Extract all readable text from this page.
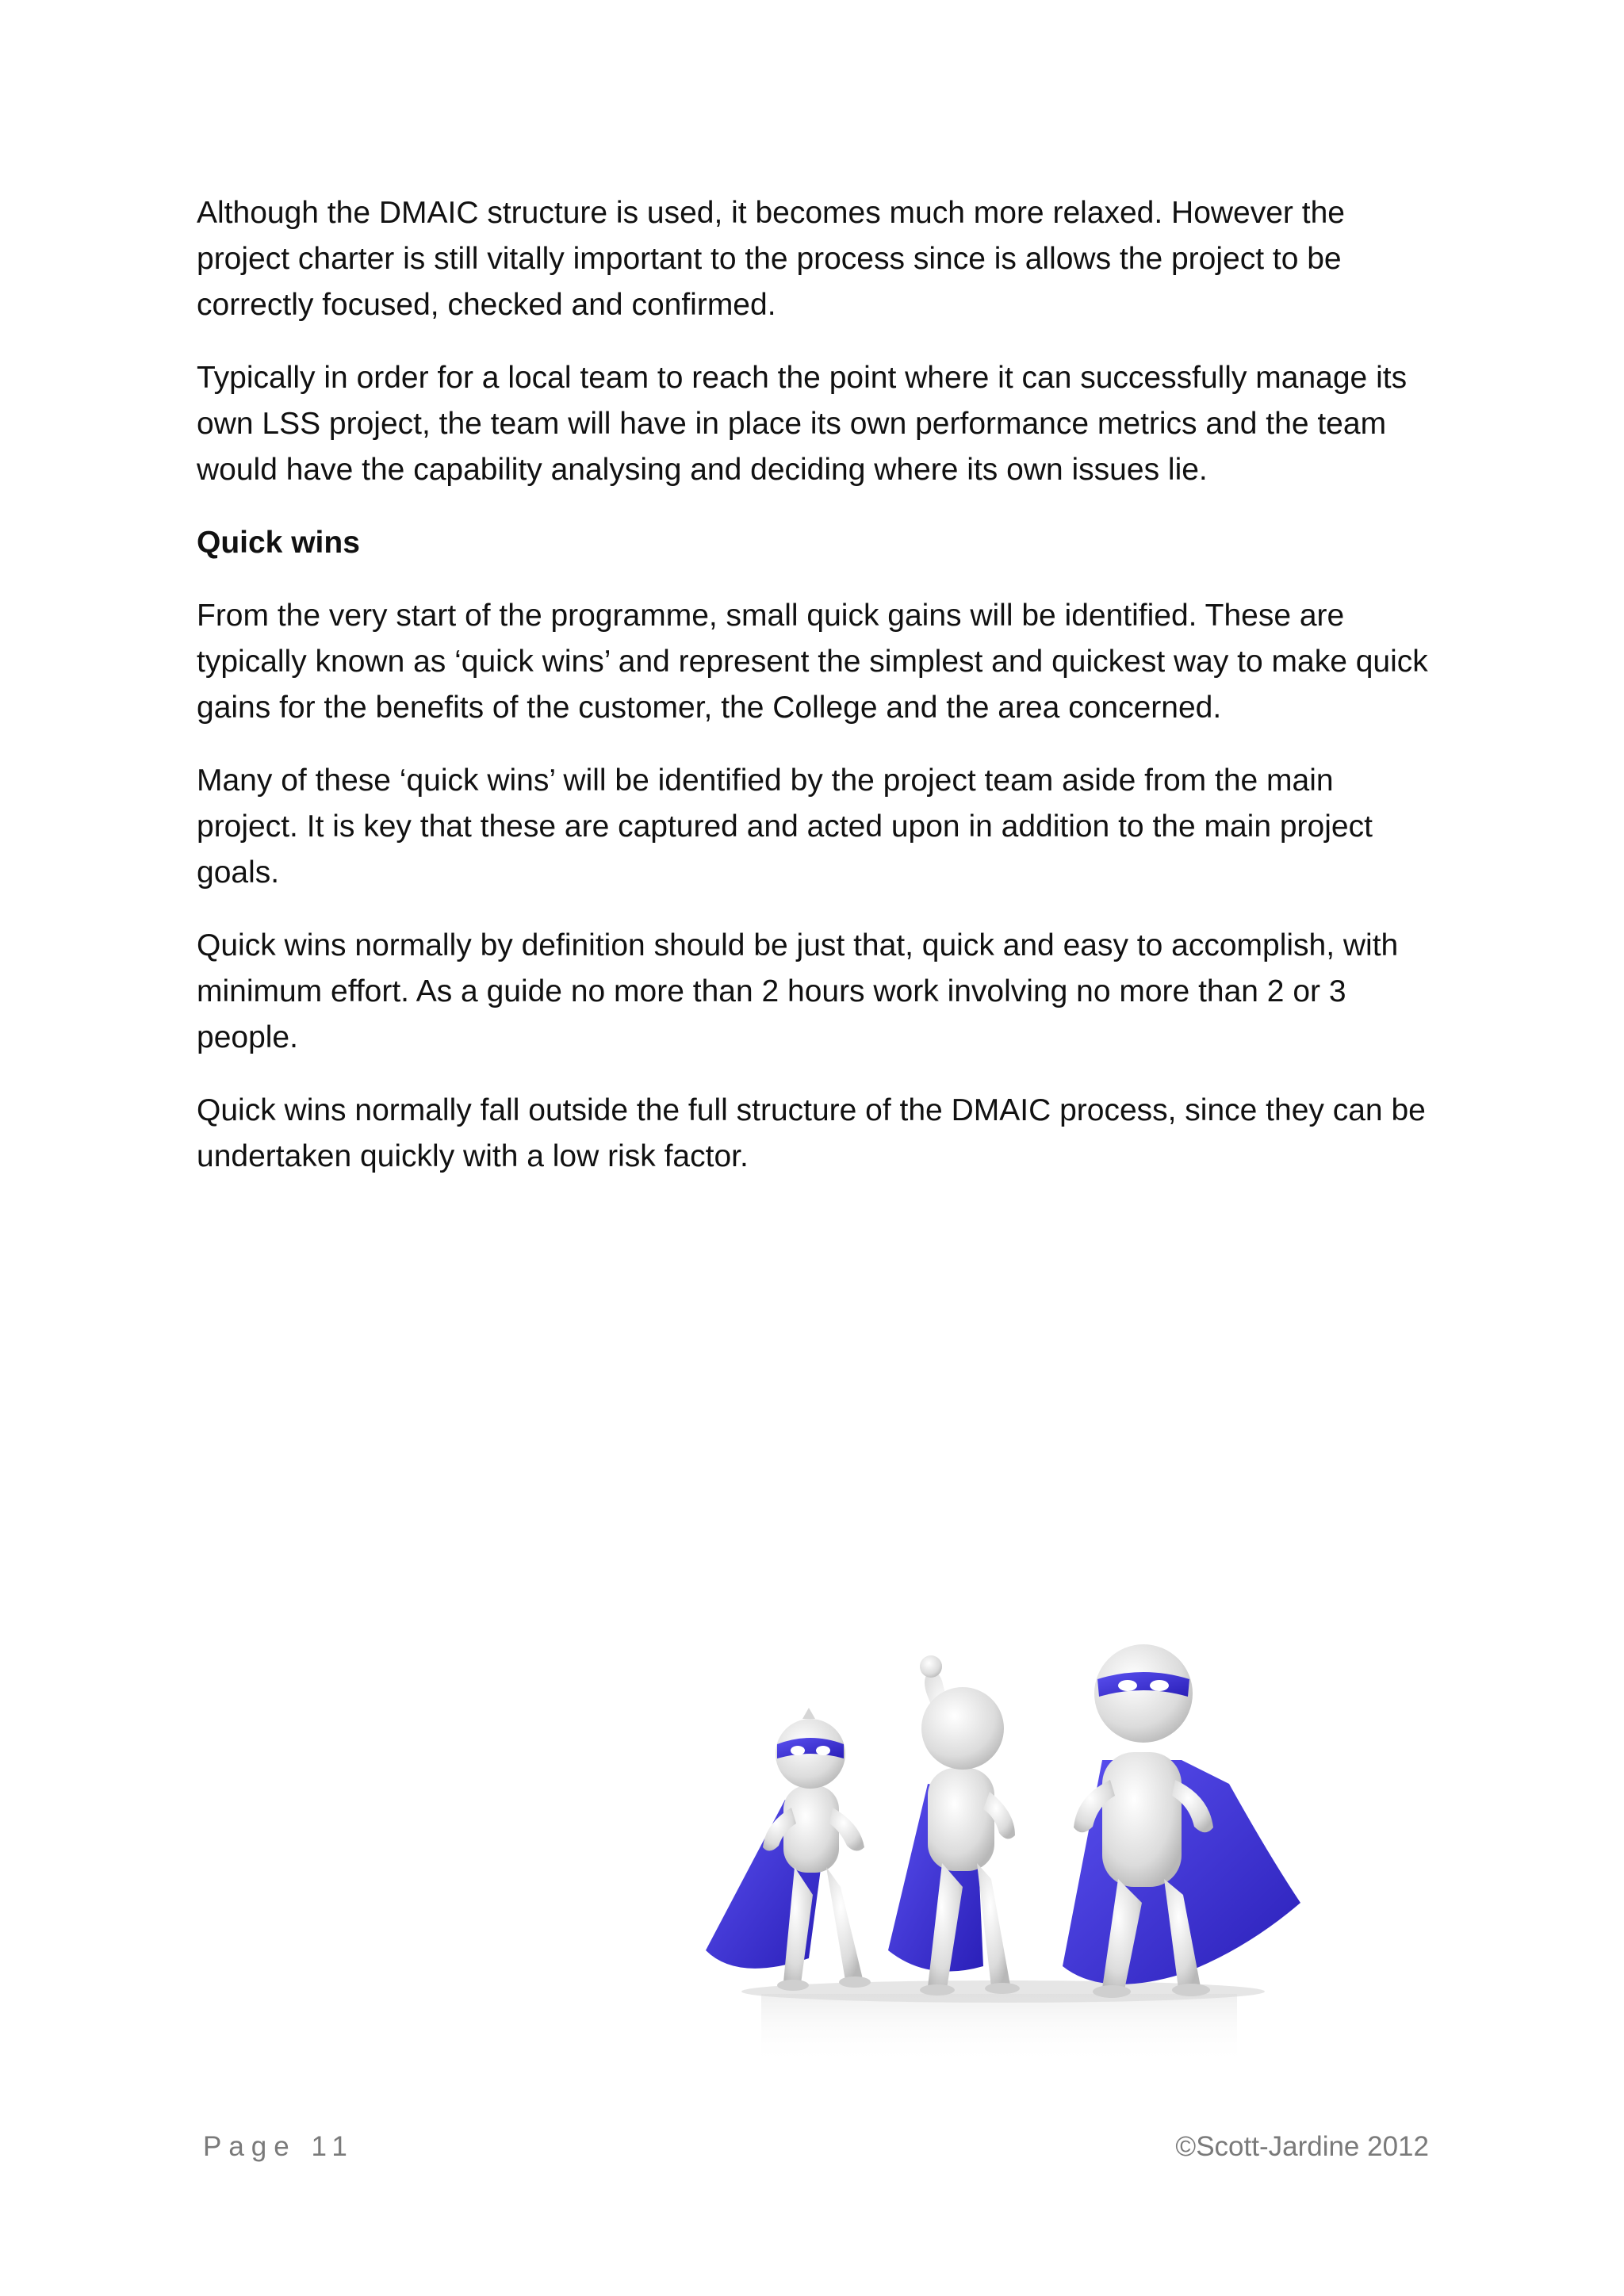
Although the DMAIC structure is used, it becomes much more relaxed. However the project charter is still vitally important to the process since is allows the project to be correctly focused, checked and confirmed.

Typically in order for a local team to reach the point where it can successfully manage its own LSS project, the team will have in place its own performance metrics and the team would have the capability analysing and deciding where its own issues lie.

Quick wins

From the very start of the programme, small quick gains will be identified. These are typically known as ‘quick wins’ and represent the simplest and quickest way to make quick gains for the benefits of the customer, the College and the area concerned.

Many of these ‘quick wins’ will be identified by the project team aside from the main project. It is key that these are captured and acted upon in addition to the main project goals.

Quick wins normally by definition should be just that, quick and easy to accomplish, with minimum effort. As a guide no more than 2 hours work involving no more than 2 or 3 people.

Quick wins normally fall outside the full structure of the DMAIC process, since they can be undertaken quickly with a low risk factor.

Page 11	©Scott-Jardine 2012
